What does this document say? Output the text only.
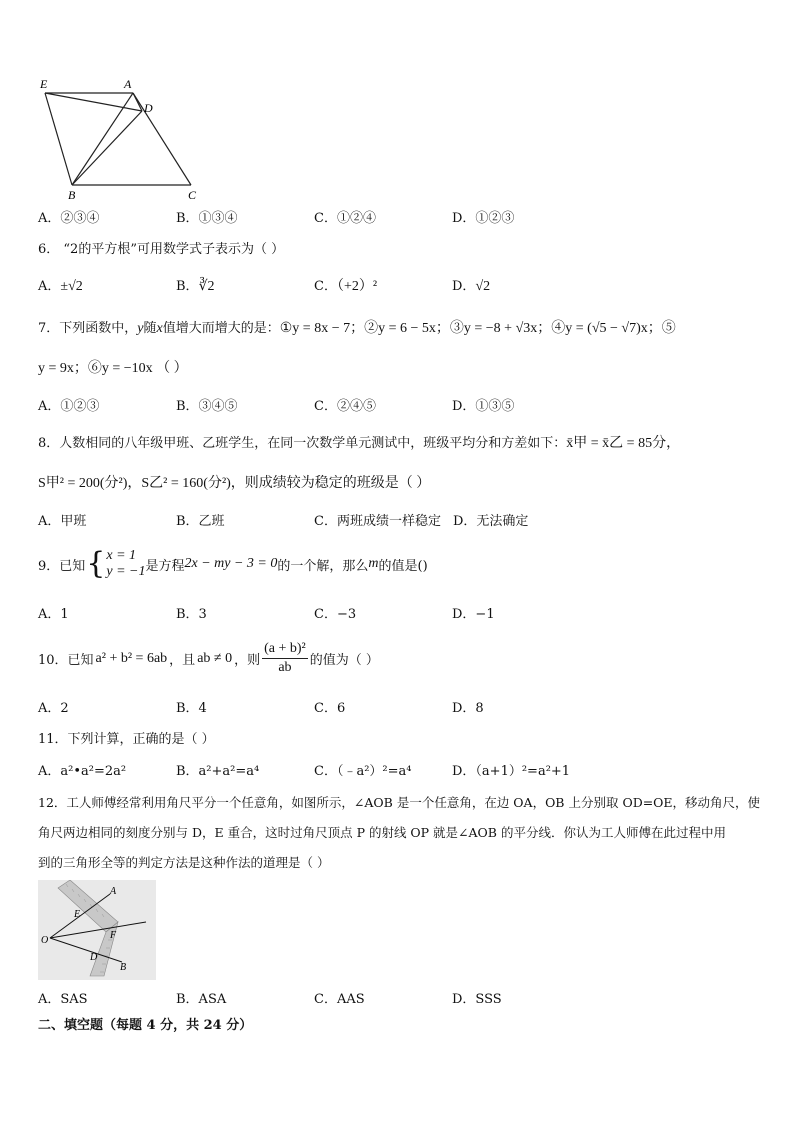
E	A
D
B	C
A．②③④	B．①③④	C．①②④	D．①②③
6． “2的平方根”可用数学式子表示为（ ）
A．±√2	B．∛2	C．（+2）²	D．√2
7．下列函数中，y随x值增大而增大的是：①y = 8x − 7；②y = 6 − 5x；③y = −8 + √3x；④y = (√5 − √7)x；⑤
y = 9x；⑥y = −10x （ ）
A．①②③	B．③④⑤	C．②④⑤	D．①③⑤
8．人数相同的八年级甲班、乙班学生，在同一次数学单元测试中，班级平均分和方差如下：x̄甲 = x̄乙 = 85分，
S甲² = 200(分²)，S乙² = 160(分²)，则成绩较为稳定的班级是（ ）
A．甲班	B．乙班	C．两班成绩一样稳定 D．无法确定
9．已知 { x = 1
y = −1 是方程 2x − my − 3 = 0 的一个解，那么 m 的值是()
A．1	B．3	C．−3	D．−1
10．已知 a² + b² = 6ab ，且 ab ≠ 0 ，则 $\frac{\text{(a + b)²}}{ab}$ 的值为（ ）
A．2	B．4	C．6	D．8
11．下列计算，正确的是（ ）
A．a²•a²=2a²	B．a²+a²=a⁴	C．（﹣a²）²=a⁴	D．（a+1）²=a²+1
12．工人师傅经常利用角尺平分一个任意角，如图所示，∠AOB 是一个任意角，在边 OA，OB 上分别取 OD=OE，移动角尺，使
角尺两边相同的刻度分别与 D，E 重合，这时过角尺顶点 P 的射线 OP 就是∠AOB 的平分线．你认为工人师傅在此过程中用
到的三角形全等的判定方法是这种作法的道理是（ ）
A
E
O	F
D
B
A．SAS	B．ASA	C．AAS	D．SSS
二、填空题（每题 4 分，共 24 分）
